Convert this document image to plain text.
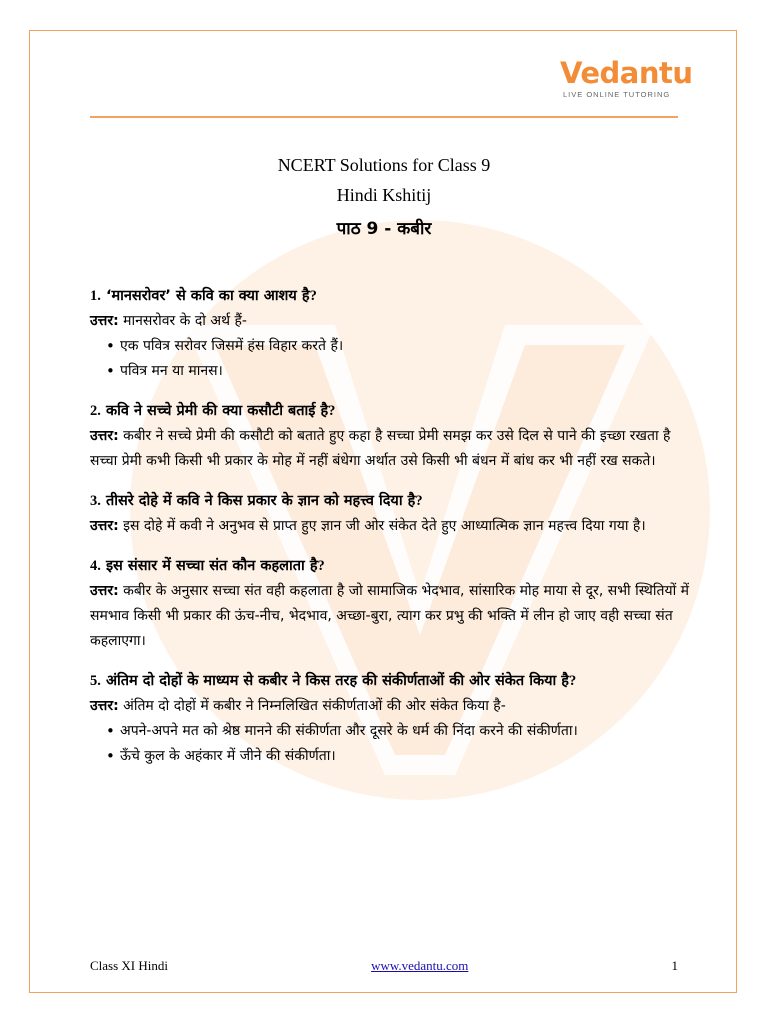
Vedantu
LIVE ONLINE TUTORING
NCERT Solutions for Class 9
Hindi Kshitij
पाठ 9 - कबीर
1. ‘मानसरोवर’ से कवि का क्या आशय है?
उत्तर: मानसरोवर के दो अर्थ हैं-
• एक पवित्र सरोवर जिसमें हंस विहार करते हैं।
• पवित्र मन या मानस।
2. कवि ने सच्चे प्रेमी की क्या कसौटी बताई है?
उत्तर: कबीर ने सच्चे प्रेमी की कसौटी को बताते हुए कहा है सच्चा प्रेमी समझ कर उसे दिल से पाने की इच्छा रखता है सच्चा प्रेमी कभी किसी भी प्रकार के मोह में नहीं बंधेगा अर्थात उसे किसी भी बंधन में बांध कर भी नहीं रख सकते।
3. तीसरे दोहे में कवि ने किस प्रकार के ज्ञान को महत्त्व दिया है?
उत्तर: इस दोहे में कवी ने अनुभव से प्राप्त हुए ज्ञान जी ओर संकेत देते हुए आध्यात्मिक ज्ञान महत्त्व दिया गया है।
4. इस संसार में सच्चा संत कौन कहलाता है?
उत्तर: कबीर के अनुसार सच्चा संत वही कहलाता है जो सामाजिक भेदभाव, सांसारिक मोह माया से दूर, सभी स्थितियों में समभाव किसी भी प्रकार की ऊंच-नीच, भेदभाव, अच्छा-बुरा, त्याग कर प्रभु की भक्ति में लीन हो जाए वही सच्चा संत कहलाएगा।
5. अंतिम दो दोहों के माध्यम से कबीर ने किस तरह की संकीर्णताओं की ओर संकेत किया है?
उत्तर: अंतिम दो दोहों में कबीर ने निम्नलिखित संकीर्णताओं की ओर संकेत किया है-
• अपने-अपने मत को श्रेष्ठ मानने की संकीर्णता और दूसरे के धर्म की निंदा करने की संकीर्णता।
• ऊँचे कुल के अहंकार में जीने की संकीर्णता।
Class XI Hindi	www.vedantu.com	1
